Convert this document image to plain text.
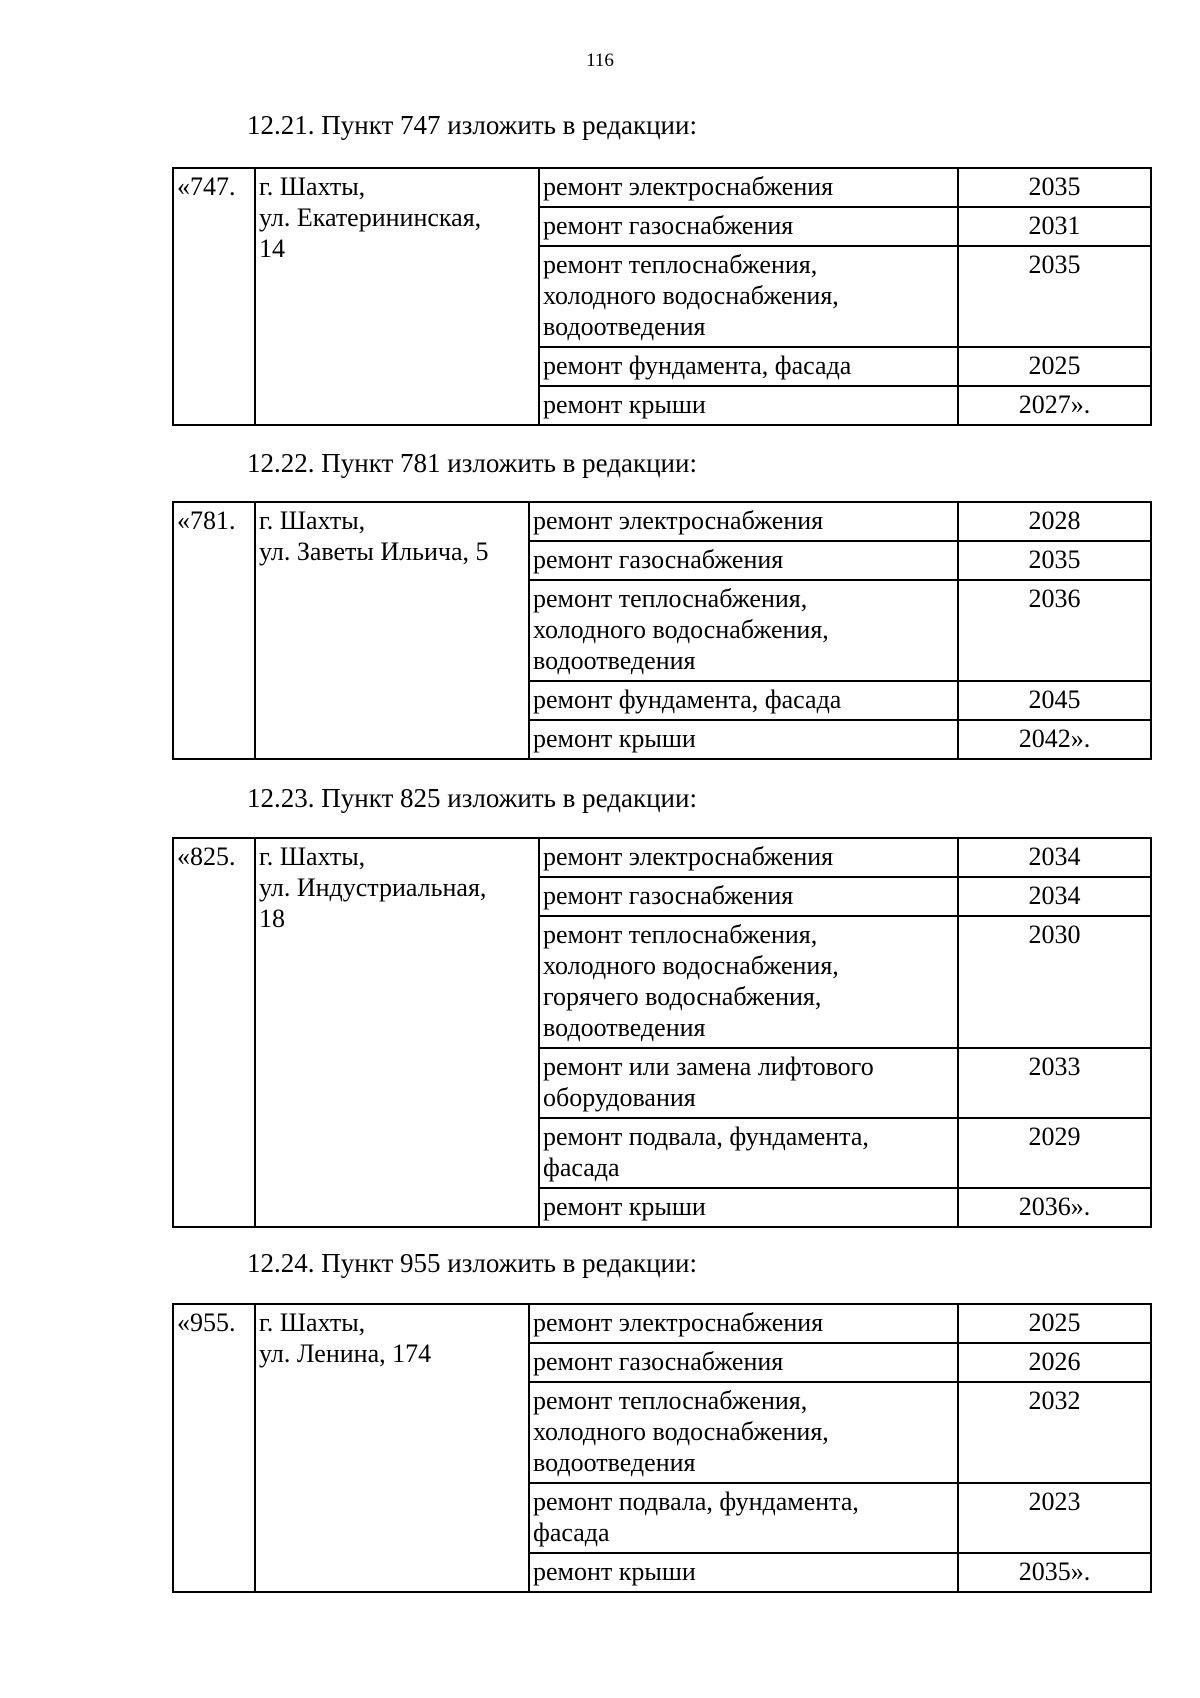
116
12.21. Пункт 747 изложить в редакции:
«747.	г. Шахты,
ул. Екатерининская,
14	ремонт электроснабжения	2035

		ремонт газоснабжения	2031

		ремонт теплоснабжения,
холодного водоснабжения,
водоотведения	2035

		ремонт фундамента, фасада	2025

		ремонт крыши	2027».
12.22. Пункт 781 изложить в редакции:
«781.	г. Шахты,
ул. Заветы Ильича, 5	ремонт электроснабжения	2028

		ремонт газоснабжения	2035

		ремонт теплоснабжения,
холодного водоснабжения,
водоотведения	2036

		ремонт фундамента, фасада	2045

		ремонт крыши	2042».
12.23. Пункт 825 изложить в редакции:
«825.	г. Шахты,
ул. Индустриальная,
18	ремонт электроснабжения	2034

		ремонт газоснабжения	2034

		ремонт теплоснабжения,
холодного водоснабжения,
горячего водоснабжения,
водоотведения	2030

		ремонт или замена лифтового
оборудования	2033

		ремонт подвала, фундамента,
фасада	2029

		ремонт крыши	2036».
12.24. Пункт 955 изложить в редакции:
«955.	г. Шахты,
ул. Ленина, 174	ремонт электроснабжения	2025

		ремонт газоснабжения	2026

		ремонт теплоснабжения,
холодного водоснабжения,
водоотведения	2032

		ремонт подвала, фундамента,
фасада	2023

		ремонт крыши	2035».
